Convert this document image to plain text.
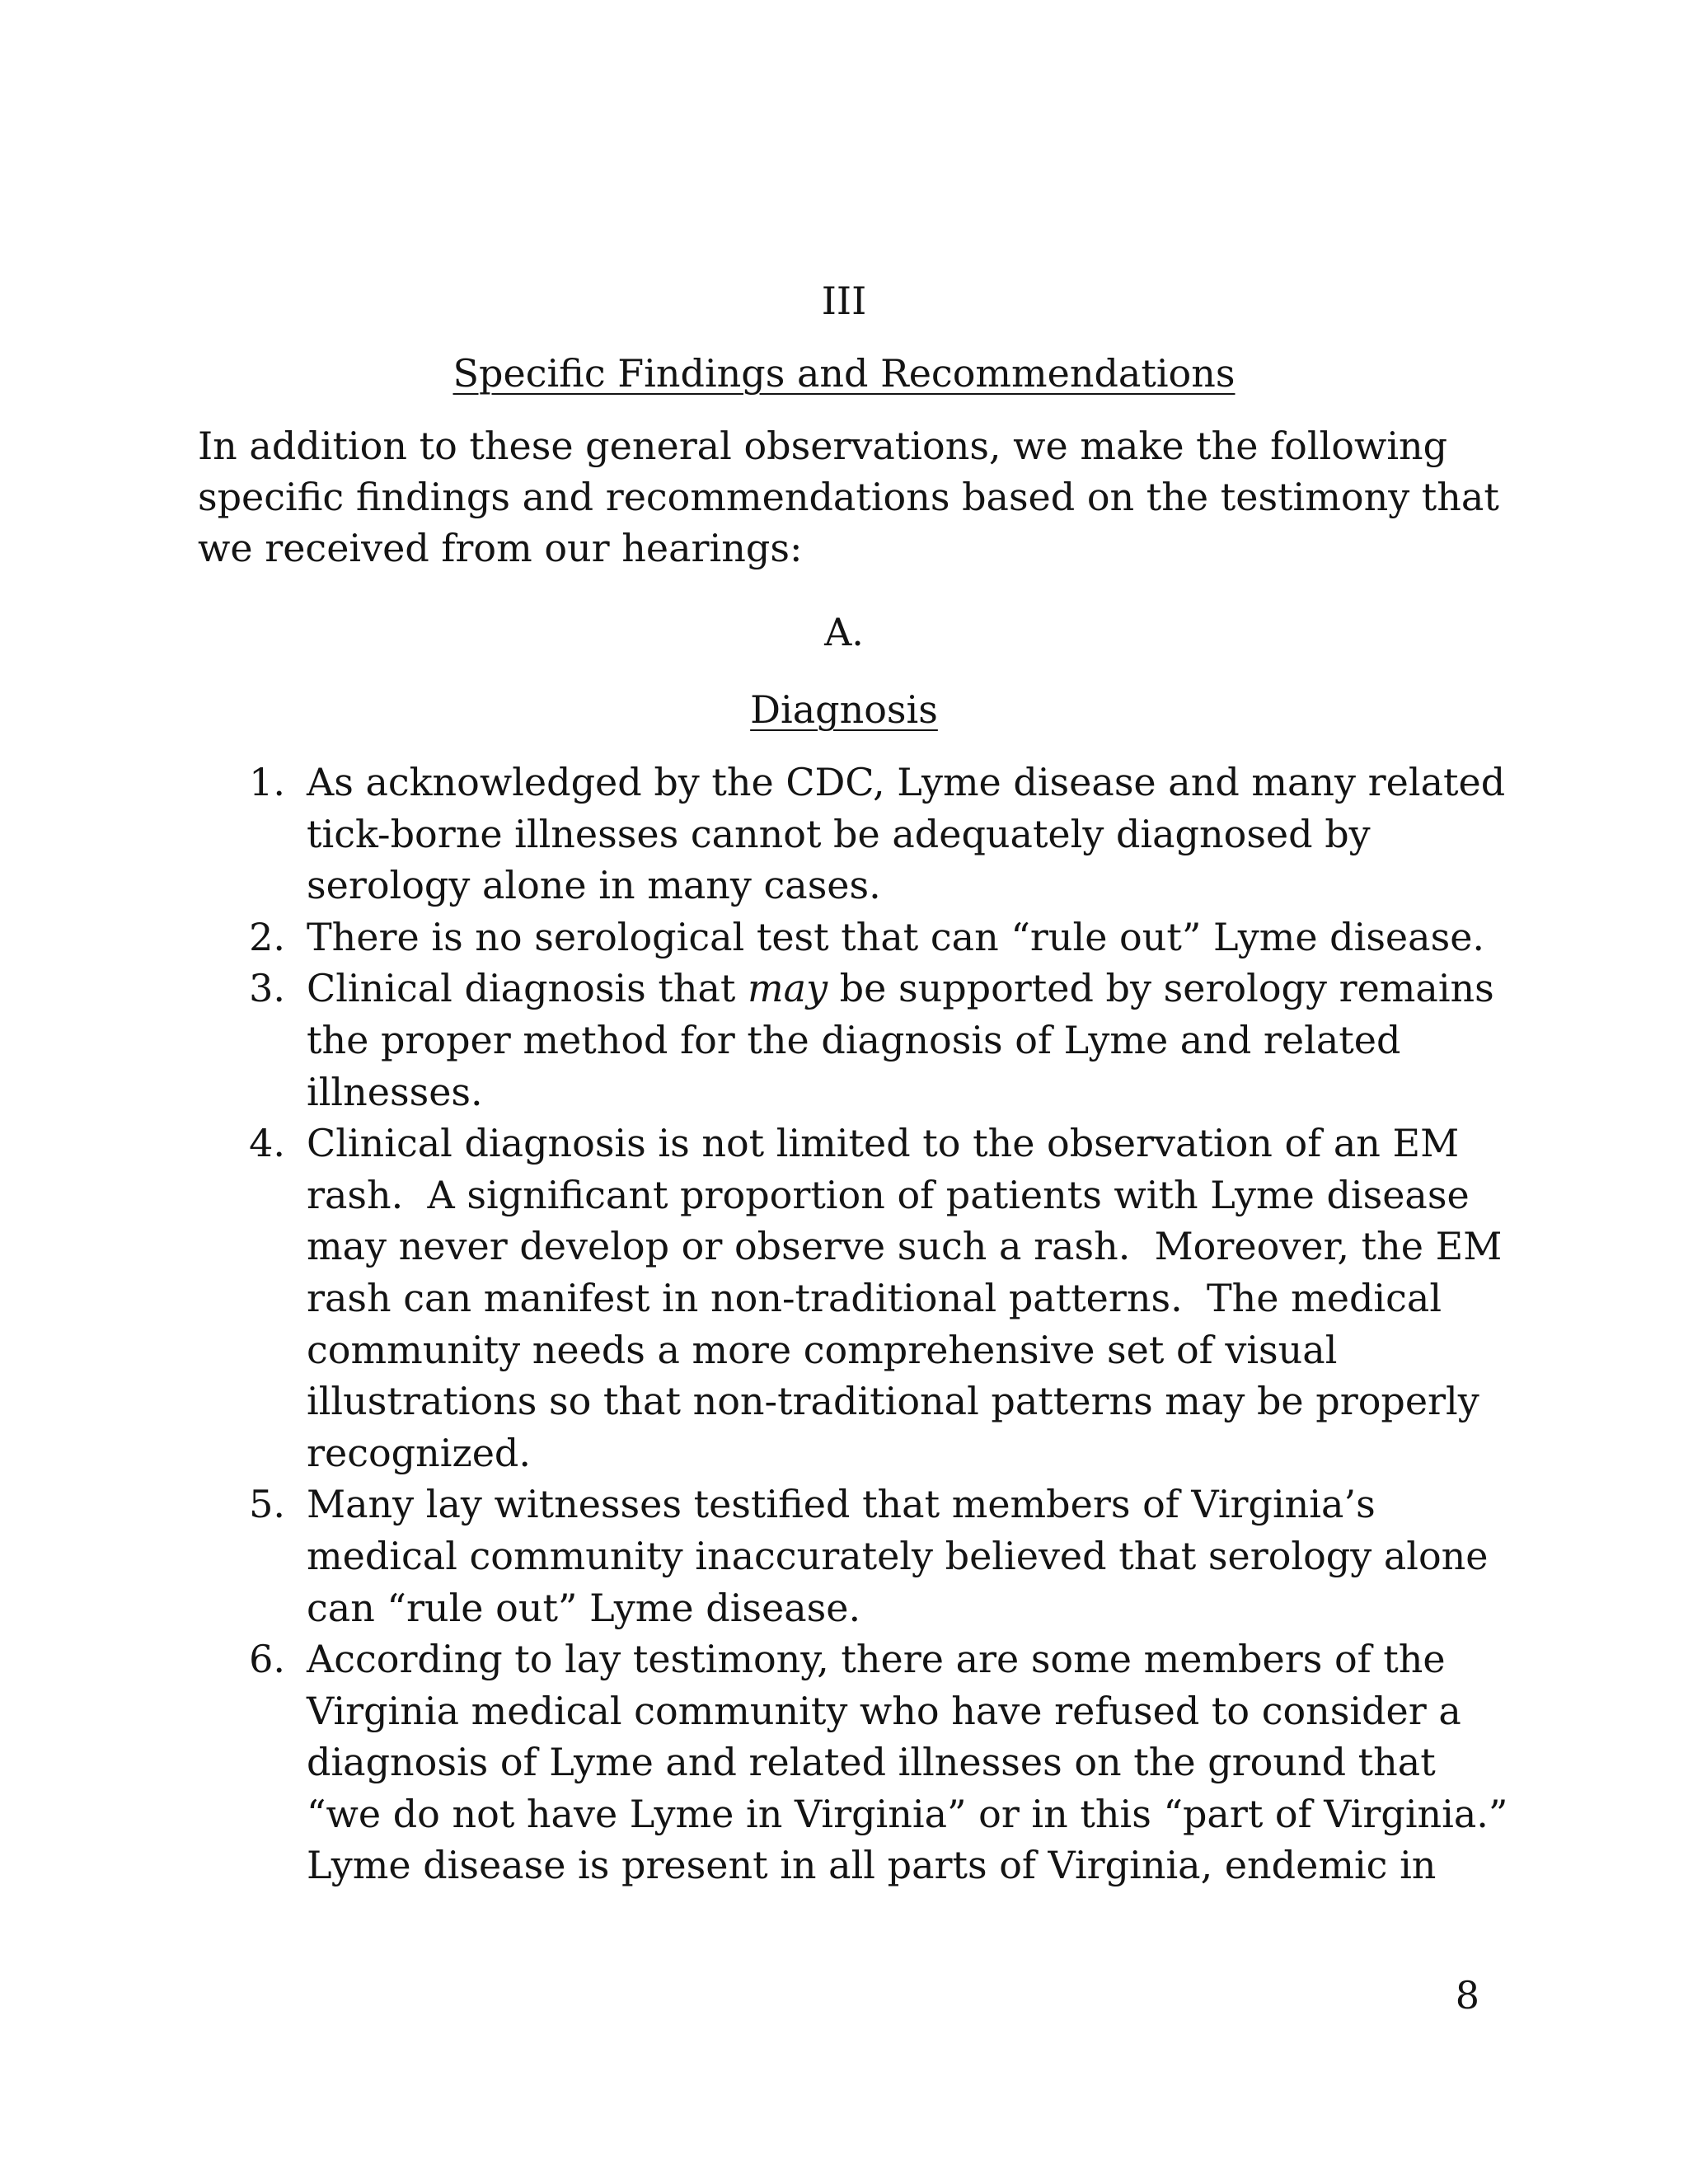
III
Specific Findings and Recommendations
In addition to these general observations, we make the following
specific findings and recommendations based on the testimony that
we received from our hearings:
A.
Diagnosis
1. As acknowledged by the CDC, Lyme disease and many related
tick-borne illnesses cannot be adequately diagnosed by
serology alone in many cases.
2. There is no serological test that can “rule out” Lyme disease.
3. Clinical diagnosis that may be supported by serology remains
the proper method for the diagnosis of Lyme and related
illnesses.
4. Clinical diagnosis is not limited to the observation of an EM
rash.  A significant proportion of patients with Lyme disease
may never develop or observe such a rash.  Moreover, the EM
rash can manifest in non-traditional patterns.  The medical
community needs a more comprehensive set of visual
illustrations so that non-traditional patterns may be properly
recognized.
5. Many lay witnesses testified that members of Virginia’s
medical community inaccurately believed that serology alone
can “rule out” Lyme disease.
6. According to lay testimony, there are some members of the
Virginia medical community who have refused to consider a
diagnosis of Lyme and related illnesses on the ground that
“we do not have Lyme in Virginia” or in this “part of Virginia.”
Lyme disease is present in all parts of Virginia, endemic in
8
